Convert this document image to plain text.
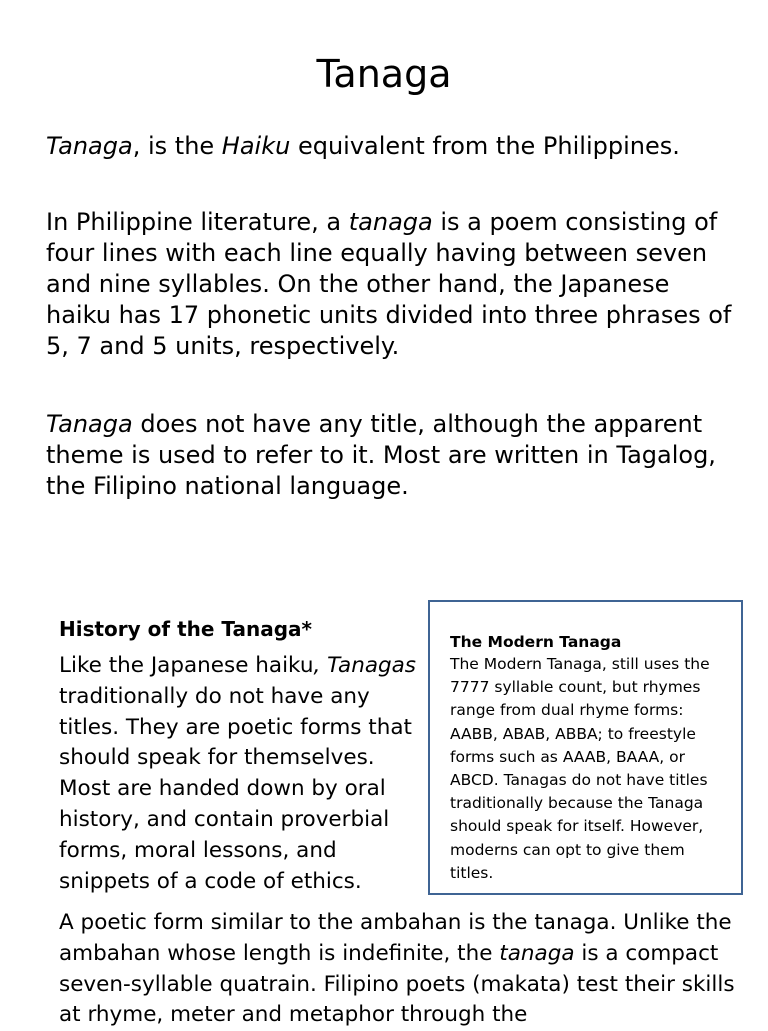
Tanaga

Tanaga, is the Haiku equivalent from the Philippines.

In Philippine literature, a tanaga is a poem consisting of four lines with each line equally having between seven and nine syllables. On the other hand, the Japanese haiku has 17 phonetic units divided into three phrases of 5, 7 and 5 units, respectively.

Tanaga does not have any title, although the apparent theme is used to refer to it. Most are written in Tagalog, the Filipino national language.

History of the Tanaga*

Like the Japanese haiku, Tanagas traditionally do not have any titles. They are poetic forms that should speak for themselves. Most are handed down by oral history, and contain proverbial forms, moral lessons, and snippets of a code of ethics.

The Modern Tanaga

The Modern Tanaga, still uses the 7777 syllable count, but rhymes range from dual rhyme forms: AABB, ABAB, ABBA; to freestyle forms such as AAAB, BAAA, or ABCD. Tanagas do not have titles traditionally because the Tanaga should speak for itself. However, moderns can opt to give them titles.

A poetic form similar to the ambahan is the tanaga. Unlike the ambahan whose length is indefinite, the tanaga is a compact seven-syllable quatrain. Filipino poets (makata) test their skills at rhyme, meter and metaphor through the
